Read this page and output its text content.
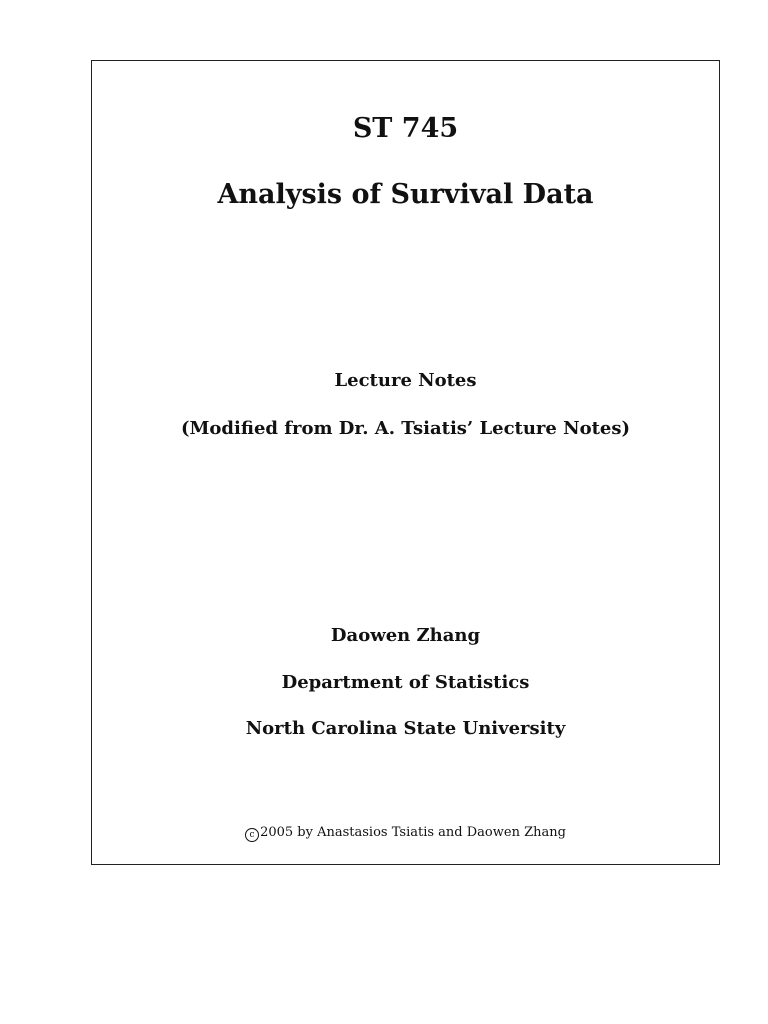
ST 745
Analysis of Survival Data
Lecture Notes
(Modified from Dr. A. Tsiatis’ Lecture Notes)
Daowen Zhang
Department of Statistics
North Carolina State University
c 2005 by Anastasios Tsiatis and Daowen Zhang
